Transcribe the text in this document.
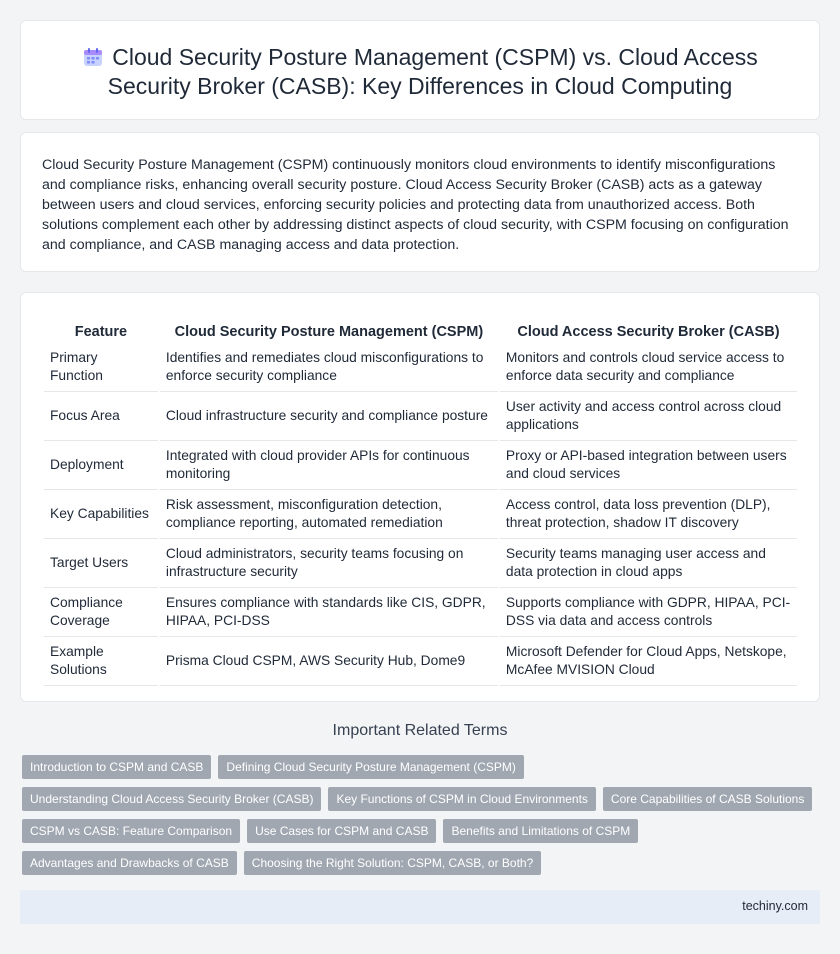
Cloud Security Posture Management (CSPM) vs. Cloud Access Security Broker (CASB): Key Differences in Cloud Computing

Cloud Security Posture Management (CSPM) continuously monitors cloud environments to identify misconfigurations and compliance risks, enhancing overall security posture. Cloud Access Security Broker (CASB) acts as a gateway between users and cloud services, enforcing security policies and protecting data from unauthorized access. Both solutions complement each other by addressing distinct aspects of cloud security, with CSPM focusing on configuration and compliance, and CASB managing access and data protection.

Feature	Cloud Security Posture Management (CSPM)	Cloud Access Security Broker (CASB)
Primary Function	Identifies and remediates cloud misconfigurations to enforce security compliance	Monitors and controls cloud service access to enforce data security and compliance
Focus Area	Cloud infrastructure security and compliance posture	User activity and access control across cloud applications
Deployment	Integrated with cloud provider APIs for continuous monitoring	Proxy or API-based integration between users and cloud services
Key Capabilities	Risk assessment, misconfiguration detection, compliance reporting, automated remediation	Access control, data loss prevention (DLP), threat protection, shadow IT discovery
Target Users	Cloud administrators, security teams focusing on infrastructure security	Security teams managing user access and data protection in cloud apps
Compliance Coverage	Ensures compliance with standards like CIS, GDPR, HIPAA, PCI-DSS	Supports compliance with GDPR, HIPAA, PCI-DSS via data and access controls
Example Solutions	Prisma Cloud CSPM, AWS Security Hub, Dome9	Microsoft Defender for Cloud Apps, Netskope, McAfee MVISION Cloud
Important Related Terms
Introduction to CSPM and CASB	Defining Cloud Security Posture Management (CSPM)
Understanding Cloud Access Security Broker (CASB)	Key Functions of CSPM in Cloud Environments	Core Capabilities of CASB Solutions
CSPM vs CASB: Feature Comparison	Use Cases for CSPM and CASB	Benefits and Limitations of CSPM
Advantages and Drawbacks of CASB	Choosing the Right Solution: CSPM, CASB, or Both?
techiny.com
